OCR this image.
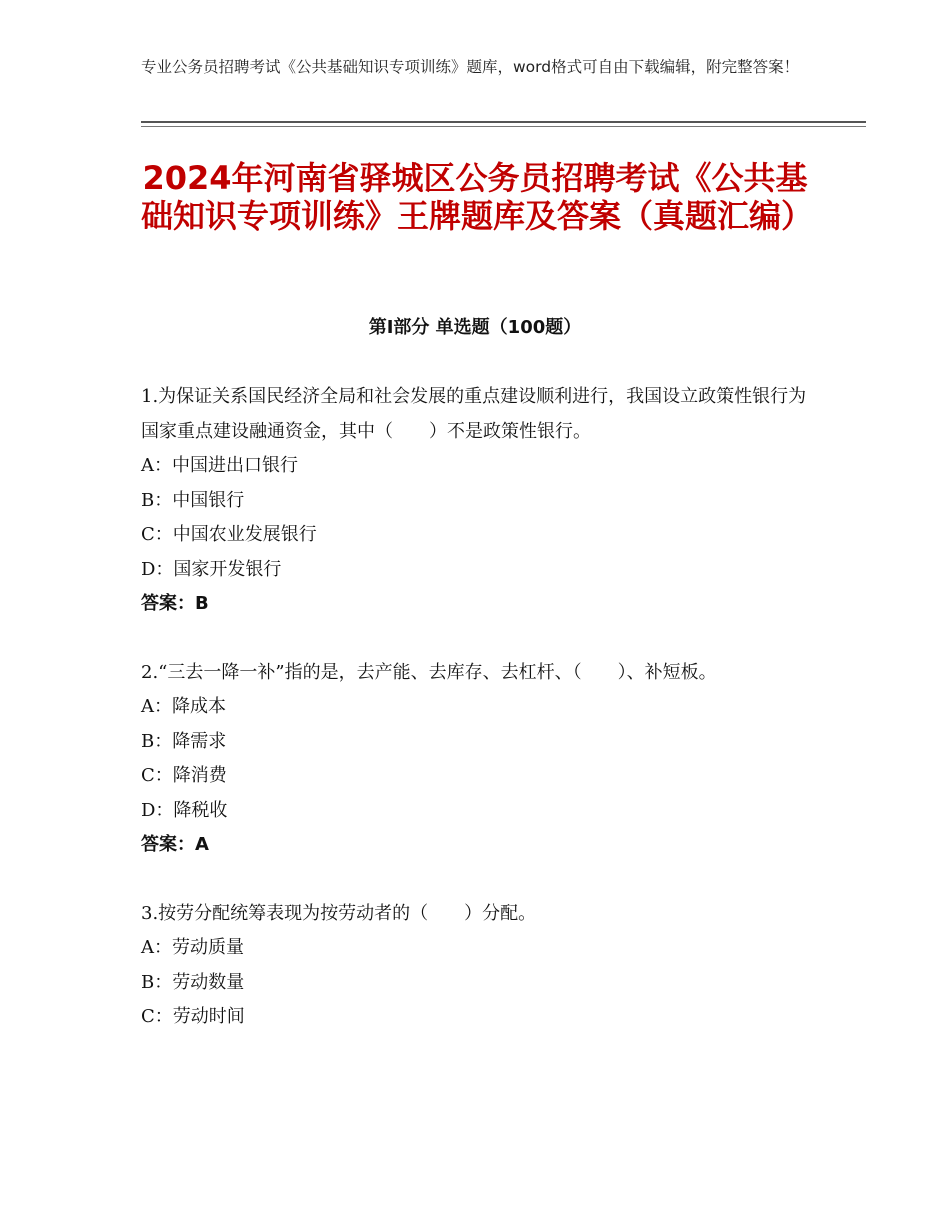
专业公务员招聘考试《公共基础知识专项训练》题库，word格式可自由下载编辑，附完整答案！
2024年河南省驿城区公务员招聘考试《公共基础知识专项训练》王牌题库及答案（真题汇编）
第Ⅰ部分 单选题（100题）

1.为保证关系国民经济全局和社会发展的重点建设顺利进行，我国设立政策性银行为国家重点建设融通资金，其中（　　）不是政策性银行。

A：中国进出口银行

B：中国银行

C：中国农业发展银行

D：国家开发银行

答案：B

2.“三去一降一补”指的是，去产能、去库存、去杠杆、（　　）、补短板。

A：降成本

B：降需求

C：降消费

D：降税收

答案：A

3.按劳分配统筹表现为按劳动者的（　　）分配。

A：劳动质量

B：劳动数量

C：劳动时间
